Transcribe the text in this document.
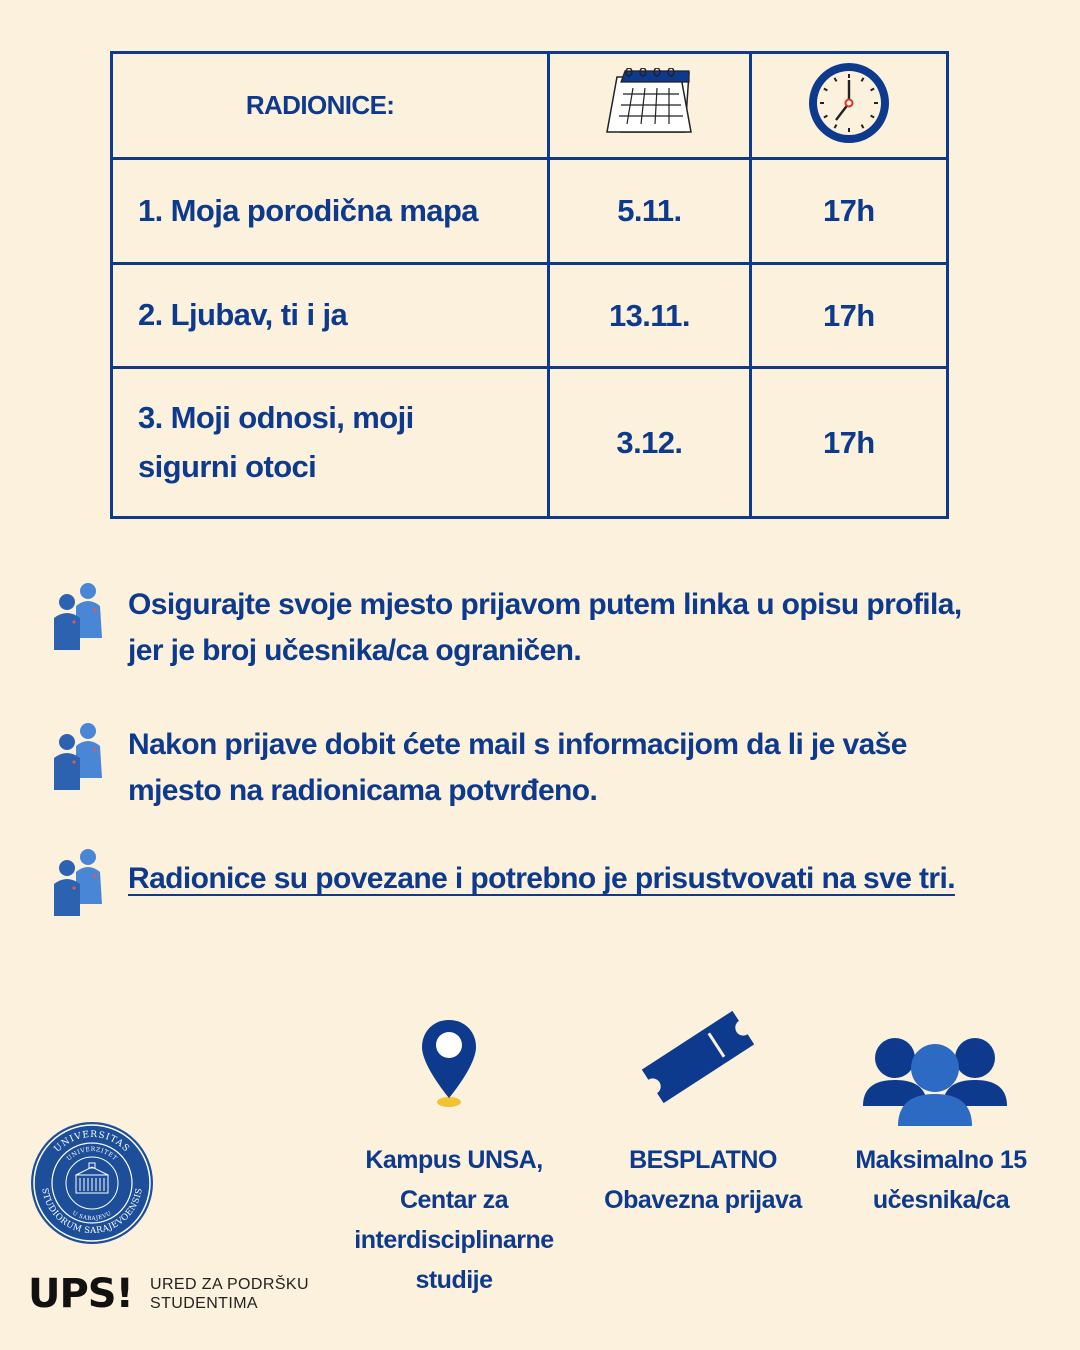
RADIONICE:		
1. Moja porodična mapa	5.11.	17h
2. Ljubav, ti i ja	13.11.	17h
3. Moji odnosi, moji
sigurni otoci	3.12.	17h
Osigurajte svoje mjesto prijavom putem linka u opisu profila,
jer je broj učesnika/ca ograničen.
Nakon prijave dobit ćete mail s informacijom da li je vaše
mjesto na radionicama potvrđeno.
Radionice su povezane i potrebno je prisustvovati na sve tri.
Kampus UNSA,
Centar za
interdisciplinarne
studije
BESPLATNO
Obavezna prijava
Maksimalno 15
učesnika/ca
UNIVERSITAS
STUDIORUM SARAJEVOENSIS
UNIVERZITET
U SARAJEVU
UPS! URED ZA PODRŠKU
STUDENTIMA
